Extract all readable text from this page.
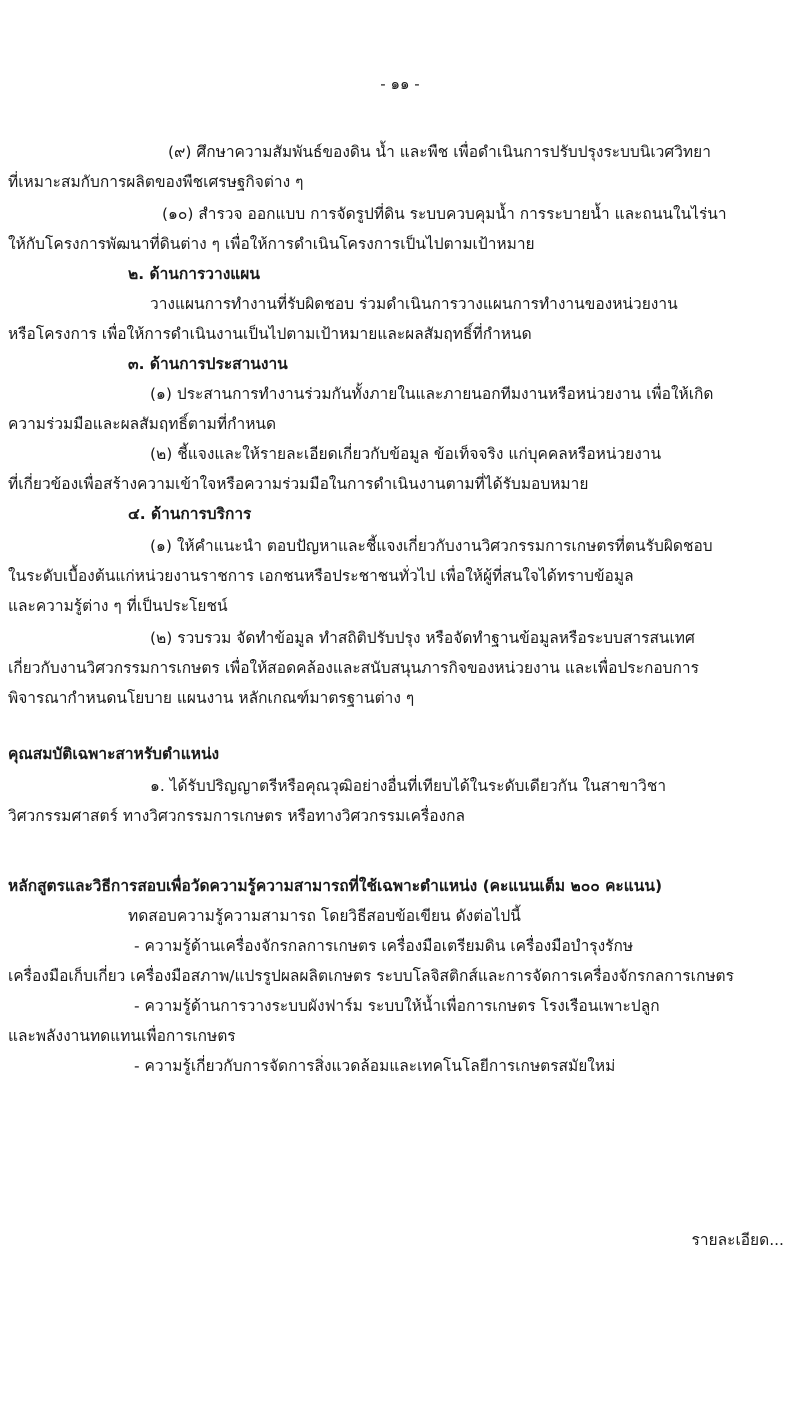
- ๑๑ -
(๙) ศึกษาความสัมพันธ์ของดิน น้ำ และพืช เพื่อดำเนินการปรับปรุงระบบนิเวศวิทยา
ที่เหมาะสมกับการผลิตของพืชเศรษฐกิจต่าง ๆ
(๑๐) สำรวจ ออกแบบ การจัดรูปที่ดิน ระบบควบคุมน้ำ การระบายน้ำ และถนนในไร่นา
ให้กับโครงการพัฒนาที่ดินต่าง ๆ เพื่อให้การดำเนินโครงการเป็นไปตามเป้าหมาย
๒. ด้านการวางแผน
วางแผนการทำงานที่รับผิดชอบ ร่วมดำเนินการวางแผนการทำงานของหน่วยงาน
หรือโครงการ เพื่อให้การดำเนินงานเป็นไปตามเป้าหมายและผลสัมฤทธิ์ที่กำหนด
๓. ด้านการประสานงาน
(๑) ประสานการทำงานร่วมกันทั้งภายในและภายนอกทีมงานหรือหน่วยงาน เพื่อให้เกิด
ความร่วมมือและผลสัมฤทธิ์ตามที่กำหนด
(๒) ชี้แจงและให้รายละเอียดเกี่ยวกับข้อมูล ข้อเท็จจริง แก่บุคคลหรือหน่วยงาน
ที่เกี่ยวข้องเพื่อสร้างความเข้าใจหรือความร่วมมือในการดำเนินงานตามที่ได้รับมอบหมาย
๔. ด้านการบริการ
(๑) ให้คำแนะนำ ตอบปัญหาและชี้แจงเกี่ยวกับงานวิศวกรรมการเกษตรที่ตนรับผิดชอบ
ในระดับเบื้องต้นแก่หน่วยงานราชการ เอกชนหรือประชาชนทั่วไป เพื่อให้ผู้ที่สนใจได้ทราบข้อมูล
และความรู้ต่าง ๆ ที่เป็นประโยชน์
(๒) รวบรวม จัดทำข้อมูล ทำสถิติปรับปรุง หรือจัดทำฐานข้อมูลหรือระบบสารสนเทศ
เกี่ยวกับงานวิศวกรรมการเกษตร เพื่อให้สอดคล้องและสนับสนุนภารกิจของหน่วยงาน และเพื่อประกอบการ
พิจารณากำหนดนโยบาย แผนงาน หลักเกณฑ์มาตรฐานต่าง ๆ
คุณสมบัติเฉพาะสาหรับตำแหน่ง
๑. ได้รับปริญญาตรีหรือคุณวุฒิอย่างอื่นที่เทียบได้ในระดับเดียวกัน ในสาขาวิชา
วิศวกรรมศาสตร์ ทางวิศวกรรมการเกษตร หรือทางวิศวกรรมเครื่องกล
หลักสูตรและวิธีการสอบเพื่อวัดความรู้ความสามารถที่ใช้เฉพาะตำแหน่ง (คะแนนเต็ม ๒๐๐ คะแนน)
ทดสอบความรู้ความสามารถ โดยวิธีสอบข้อเขียน ดังต่อไปนี้
- ความรู้ด้านเครื่องจักรกลการเกษตร เครื่องมือเตรียมดิน เครื่องมือบำรุงรักษ
เครื่องมือเก็บเกี่ยว เครื่องมือสภาพ/แปรรูปผลผลิตเกษตร ระบบโลจิสติกส์และการจัดการเครื่องจักรกลการเกษตร
- ความรู้ด้านการวางระบบผังฟาร์ม ระบบให้น้ำเพื่อการเกษตร โรงเรือนเพาะปลูก
และพลังงานทดแทนเพื่อการเกษตร
- ความรู้เกี่ยวกับการจัดการสิ่งแวดล้อมและเทคโนโลยีการเกษตรสมัยใหม่
รายละเอียด...
